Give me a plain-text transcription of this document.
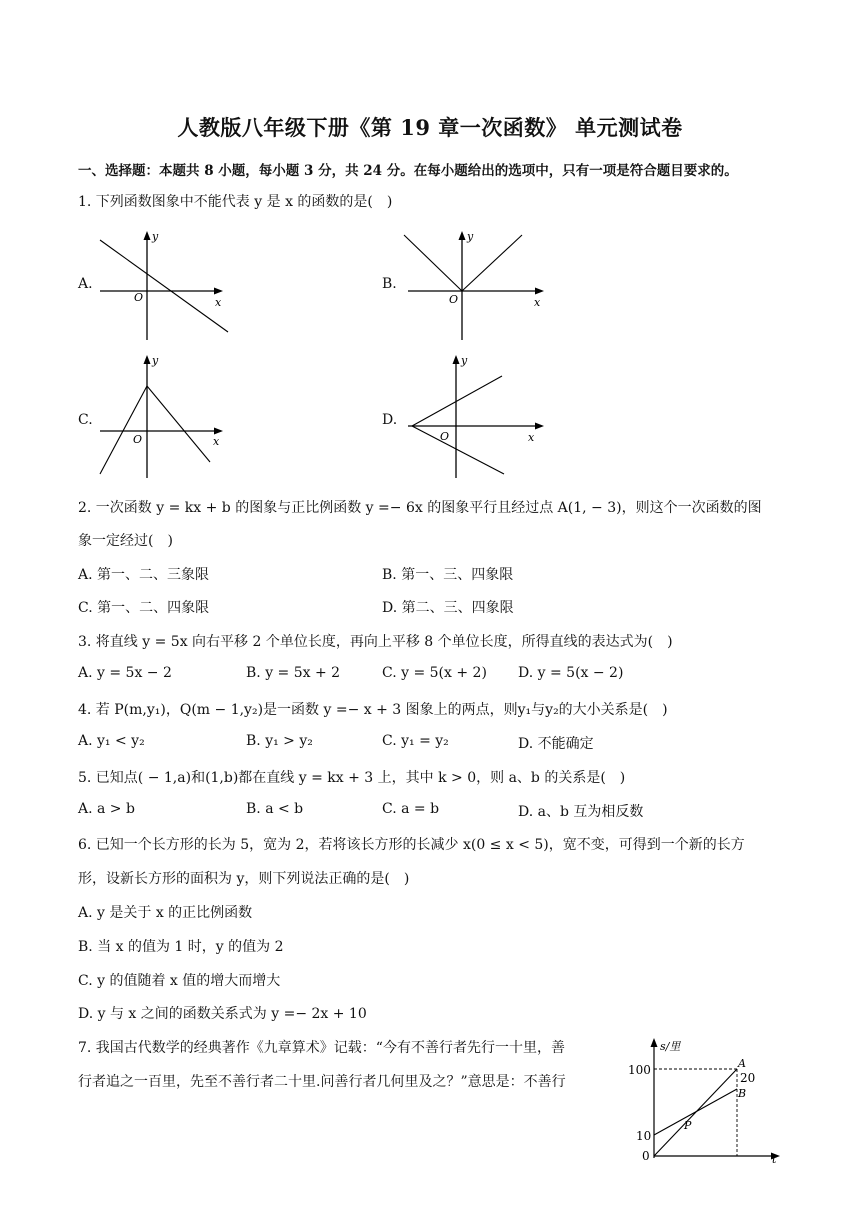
人教版八年级下册《第 19 章一次函数》 单元测试卷
一、选择题：本题共 8 小题，每小题 3 分，共 24 分。在每小题给出的选项中，只有一项是符合题目要求的。
1. 下列函数图象中不能代表 y 是 x 的函数的是(　)
A.
y
x
O
B.
y
x
O
C.
y
x
O
D.
y
x
O
2. 一次函数 y = kx + b 的图象与正比例函数 y =− 6x 的图象平行且经过点 A(1, − 3)，则这个一次函数的图
象一定经过(　)
A. 第一、二、三象限	B. 第一、三、四象限
C. 第一、二、四象限	D. 第二、三、四象限
3. 将直线 y = 5x 向右平移 2 个单位长度，再向上平移 8 个单位长度，所得直线的表达式为(　)
A. y = 5x − 2	B. y = 5x + 2	C. y = 5(x + 2) D. y = 5(x − 2)
4. 若 P(m,y₁)，Q(m − 1,y₂)是一函数 y =− x + 3 图象上的两点，则y₁与y₂的大小关系是(　)
A. y₁ < y₂	B. y₁ > y₂	C. y₁ = y₂	D. 不能确定
5. 已知点( − 1,a)和(1,b)都在直线 y = kx + 3 上，其中 k > 0，则 a、b 的关系是(　)
A. a > b	B. a < b	C. a = b	D. a、b 互为相反数
6. 已知一个长方形的长为 5，宽为 2，若将该长方形的长减少 x(0 ≤ x < 5)，宽不变，可得到一个新的长方
形，设新长方形的面积为 y，则下列说法正确的是(　)
A. y 是关于 x 的正比例函数
B. 当 x 的值为 1 时，y 的值为 2
C. y 的值随着 x 值的增大而增大
D. y 与 x 之间的函数关系式为 y =− 2x + 10
7. 我国古代数学的经典著作《九章算术》记载：“今有不善行者先行一十里，善
行者追之一百里，先至不善行者二十里.问善行者几何里及之？”意思是：不善行
s/里
t
100
10
0
A
20
B
P
